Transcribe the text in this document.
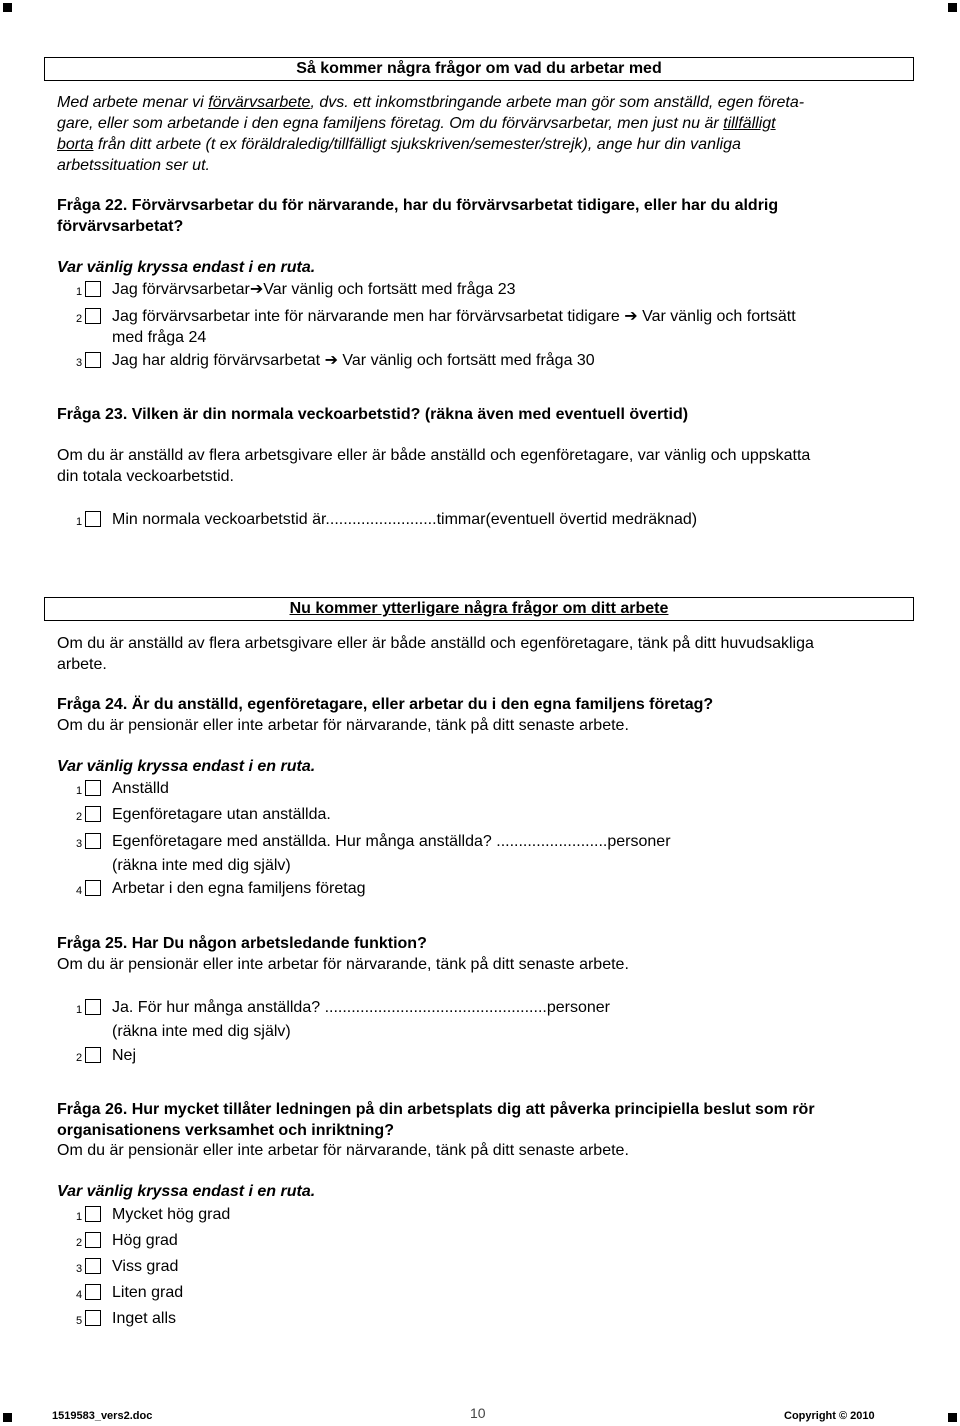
Så kommer några frågor om vad du arbetar med
Med arbete menar vi förvärvsarbete, dvs. ett inkomstbringande arbete man gör som anställd, egen företa-
gare, eller som arbetande i den egna familjens företag. Om du förvärvsarbetar, men just nu är tillfälligt
borta från ditt arbete (t ex föräldraledig/tillfälligt sjukskriven/semester/strejk), ange hur din vanliga
arbetssituation ser ut.
Fråga 22. Förvärvsarbetar du för närvarande, har du förvärvsarbetat tidigare, eller har du aldrig
förvärvsarbetat?
Var vänlig kryssa endast i en ruta.
1 Jag förvärvsarbetar➔Var vänlig och fortsätt med fråga 23
2 Jag förvärvsarbetar inte för närvarande men har förvärvsarbetat tidigare ➔ Var vänlig och fortsätt
med fråga 24
3 Jag har aldrig förvärvsarbetat ➔ Var vänlig och fortsätt med fråga 30
Fråga 23. Vilken är din normala veckoarbetstid? (räkna även med eventuell övertid)
Om du är anställd av flera arbetsgivare eller är både anställd och egenföretagare, var vänlig och uppskatta
din totala veckoarbetstid.
1 Min normala veckoarbetstid är.........................timmar(eventuell övertid medräknad)
Nu kommer ytterligare några frågor om ditt arbete
Om du är anställd av flera arbetsgivare eller är både anställd och egenföretagare, tänk på ditt huvudsakliga
arbete.
Fråga 24. Är du anställd, egenföretagare, eller arbetar du i den egna familjens företag?
Om du är pensionär eller inte arbetar för närvarande, tänk på ditt senaste arbete.
Var vänlig kryssa endast i en ruta.
1 Anställd
2 Egenföretagare utan anställda.
3 Egenföretagare med anställda. Hur många anställda? .........................personer
(räkna inte med dig själv)
4 Arbetar i den egna familjens företag
Fråga 25. Har Du någon arbetsledande funktion?
Om du är pensionär eller inte arbetar för närvarande, tänk på ditt senaste arbete.
1 Ja. För hur många anställda? ..................................................personer
(räkna inte med dig själv)
2 Nej
Fråga 26. Hur mycket tillåter ledningen på din arbetsplats dig att påverka principiella beslut som rör
organisationens verksamhet och inriktning?
Om du är pensionär eller inte arbetar för närvarande, tänk på ditt senaste arbete.
Var vänlig kryssa endast i en ruta.
1 Mycket hög grad
2 Hög grad
3 Viss grad
4 Liten grad
5 Inget alls
1519583_vers2.doc	10	Copyright © 2010
